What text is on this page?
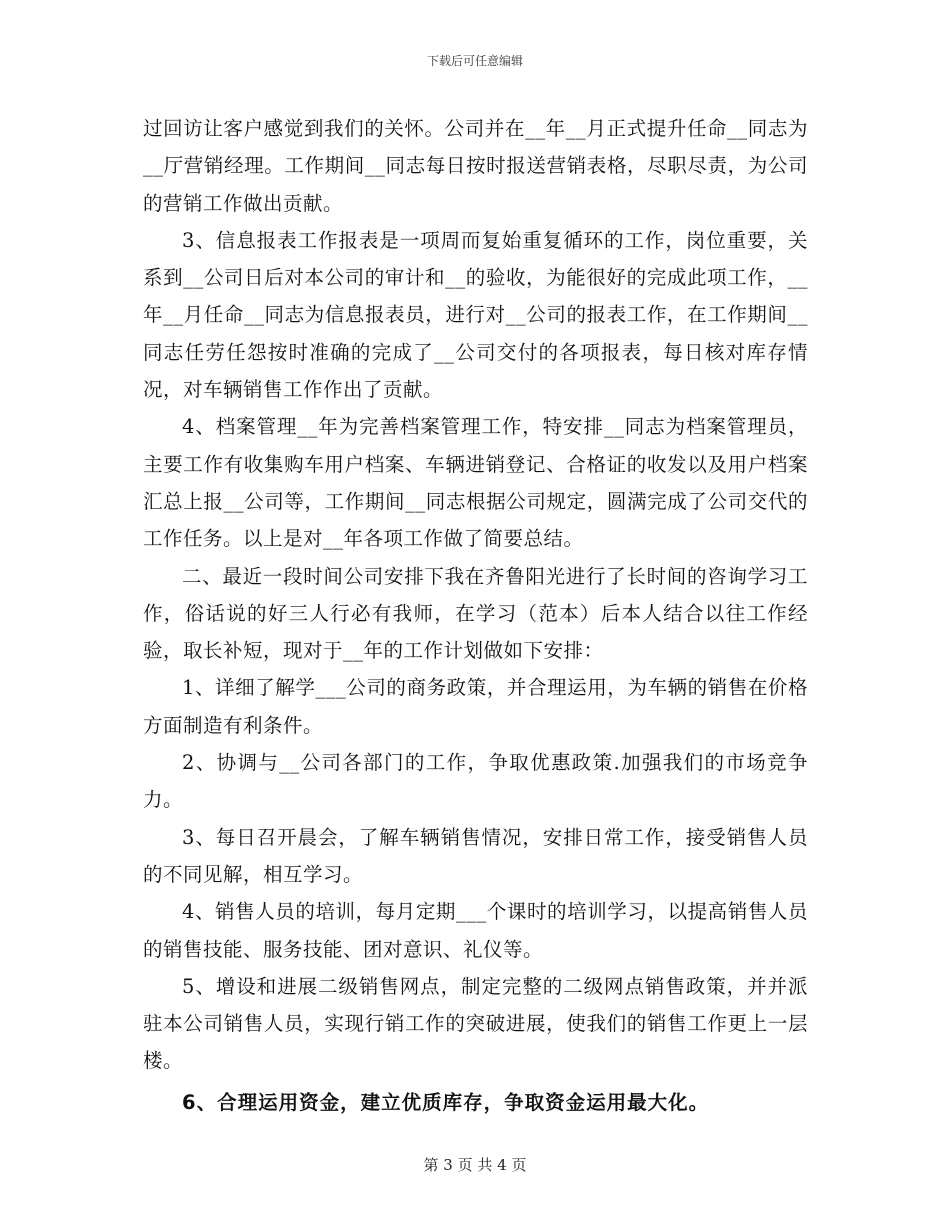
下载后可任意编辑

过回访让客户感觉到我们的关怀。公司并在__年__月正式提升任命__同志为__厅营销经理。工作期间__同志每日按时报送营销表格，尽职尽责，为公司的营销工作做出贡献。

3、信息报表工作报表是一项周而复始重复循环的工作，岗位重要，关系到__公司日后对本公司的审计和__的验收，为能很好的完成此项工作，__年__月任命__同志为信息报表员，进行对__公司的报表工作，在工作期间__同志任劳任怨按时准确的完成了__公司交付的各项报表，每日核对库存情况，对车辆销售工作作出了贡献。

4、档案管理__年为完善档案管理工作，特安排__同志为档案管理员，主要工作有收集购车用户档案、车辆进销登记、合格证的收发以及用户档案汇总上报__公司等，工作期间__同志根据公司规定，圆满完成了公司交代的工作任务。以上是对__年各项工作做了简要总结。

二、最近一段时间公司安排下我在齐鲁阳光进行了长时间的咨询学习工作，俗话说的好三人行必有我师，在学习（范本）后本人结合以往工作经验，取长补短，现对于__年的工作计划做如下安排：

1、详细了解学___公司的商务政策，并合理运用，为车辆的销售在价格方面制造有利条件。

2、协调与__公司各部门的工作，争取优惠政策.加强我们的市场竞争力。

3、每日召开晨会，了解车辆销售情况，安排日常工作，接受销售人员的不同见解，相互学习。

4、销售人员的培训，每月定期___个课时的培训学习，以提高销售人员的销售技能、服务技能、团对意识、礼仪等。

5、增设和进展二级销售网点，制定完整的二级网点销售政策，并并派驻本公司销售人员，实现行销工作的突破进展，使我们的销售工作更上一层楼。

6、合理运用资金，建立优质库存，争取资金运用最大化。

第 3 页 共 4 页
